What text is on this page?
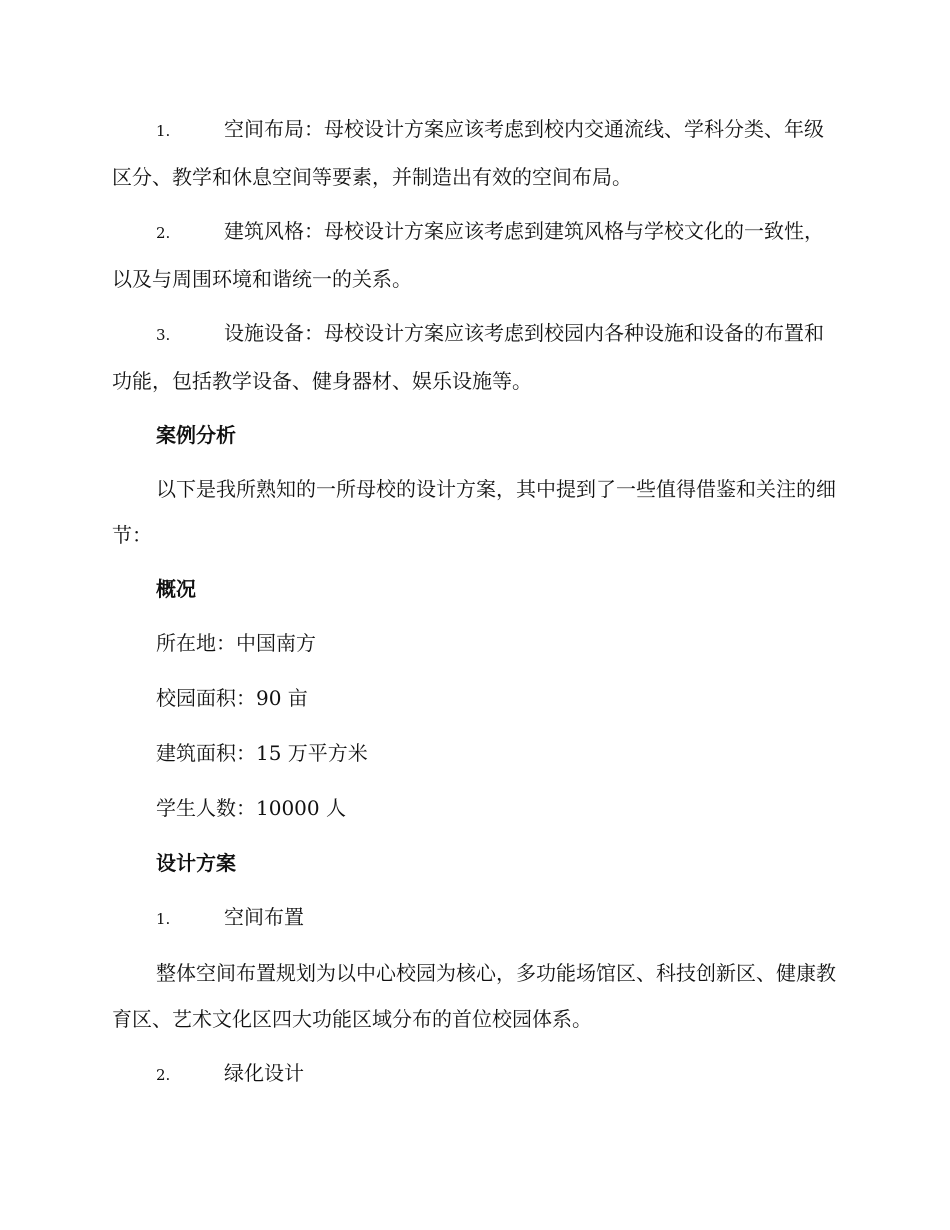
1.	空间布局：母校设计方案应该考虑到校内交通流线、学科分类、年级区分、教学和休息空间等要素，并制造出有效的空间布局。

2.	建筑风格：母校设计方案应该考虑到建筑风格与学校文化的一致性，以及与周围环境和谐统一的关系。

3.	设施设备：母校设计方案应该考虑到校园内各种设施和设备的布置和功能，包括教学设备、健身器材、娱乐设施等。

案例分析

以下是我所熟知的一所母校的设计方案，其中提到了一些值得借鉴和关注的细节：

概况
所在地：中国南方
校园面积：90 亩
建筑面积：15 万平方米
学生人数：10000 人
设计方案

1.	空间布置

整体空间布置规划为以中心校园为核心，多功能场馆区、科技创新区、健康教育区、艺术文化区四大功能区域分布的首位校园体系。

2.	绿化设计
